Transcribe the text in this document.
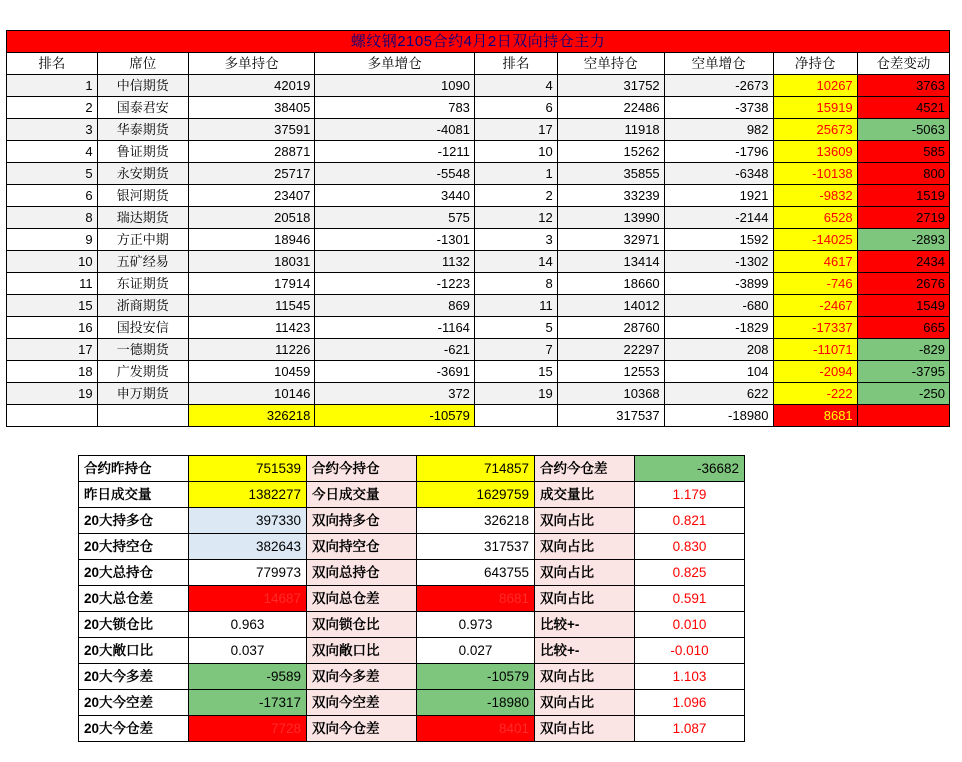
螺纹钢2105合约4月2日双向持仓主力								
排名	席位	多单持仓	多单增仓	排名	空单持仓	空单增仓	净持仓	仓差变动
1	中信期货	42019	1090	4	31752	-2673	10267	3763
2	国泰君安	38405	783	6	22486	-3738	15919	4521
3	华泰期货	37591	-4081	17	11918	982	25673	-5063
4	鲁证期货	28871	-1211	10	15262	-1796	13609	585
5	永安期货	25717	-5548	1	35855	-6348	-10138	800
6	银河期货	23407	3440	2	33239	1921	-9832	1519
8	瑞达期货	20518	575	12	13990	-2144	6528	2719
9	方正中期	18946	-1301	3	32971	1592	-14025	-2893
10	五矿经易	18031	1132	14	13414	-1302	4617	2434
11	东证期货	17914	-1223	8	18660	-3899	-746	2676
15	浙商期货	11545	869	11	14012	-680	-2467	1549
16	国投安信	11423	-1164	5	28760	-1829	-17337	665
17	一德期货	11226	-621	7	22297	208	-11071	-829
18	广发期货	10459	-3691	15	12553	104	-2094	-3795
19	申万期货	10146	372	19	10368	622	-222	-250
		326218	-10579		317537	-18980	8681	8401
合约昨持仓	751539	合约今持仓	714857	合约今仓差	-36682
昨日成交量	1382277	今日成交量	1629759	成交量比	1.179
20大持多仓	397330	双向持多仓	326218	双向占比	0.821
20大持空仓	382643	双向持空仓	317537	双向占比	0.830
20大总持仓	779973	双向总持仓	643755	双向占比	0.825
20大总仓差	14687	双向总仓差	8681	双向占比	0.591
20大锁仓比	0.963	双向锁仓比	0.973	比较+-	0.010
20大敞口比	0.037	双向敞口比	0.027	比较+-	-0.010
20大今多差	-9589	双向今多差	-10579	双向占比	1.103
20大今空差	-17317	双向今空差	-18980	双向占比	1.096
20大今仓差	7728	双向今仓差	8401	双向占比	1.087
